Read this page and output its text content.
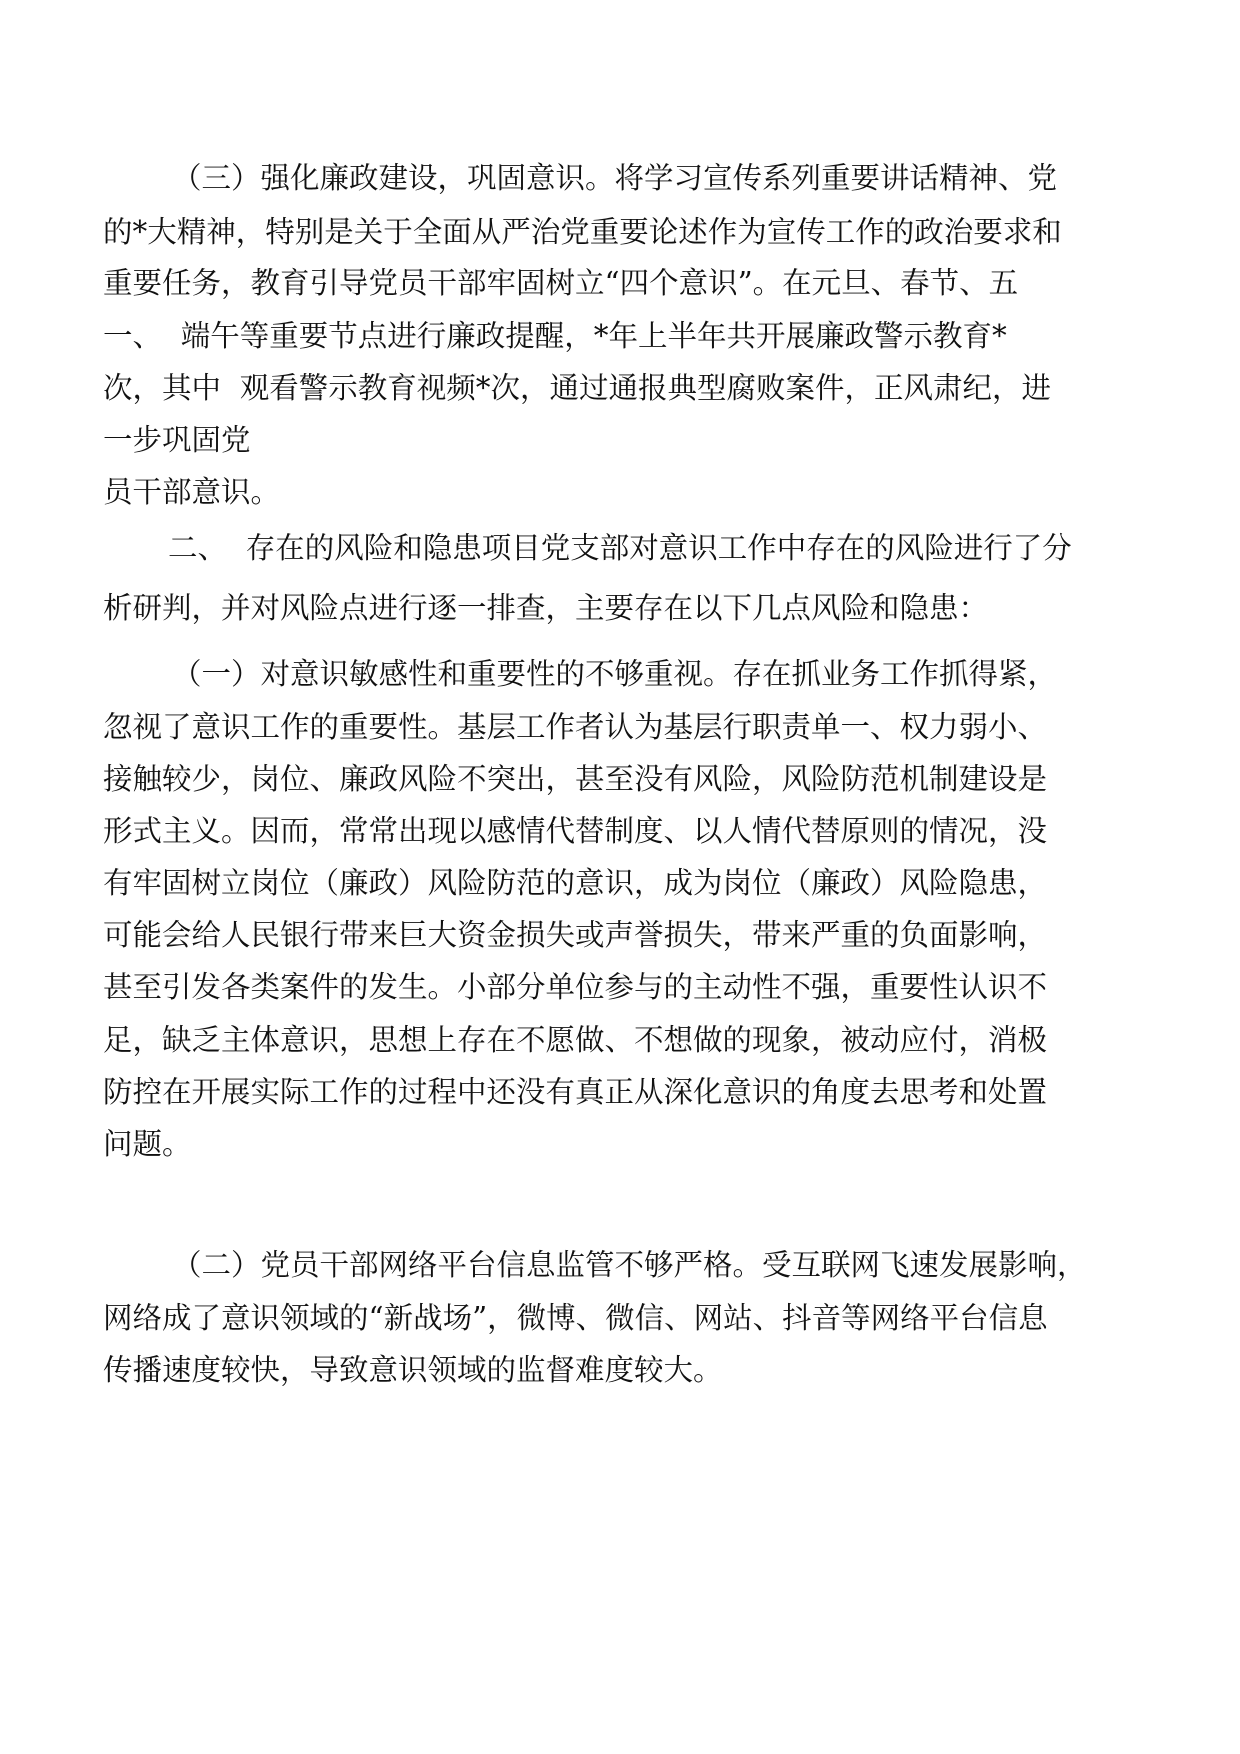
（三）强化廉政建设，巩固意识。将学习宣传系列重要讲话精神、党
的*大精神，特别是关于全面从严治党重要论述作为宣传工作的政治要求和
重要任务，教育引导党员干部牢固树立“四个意识”。在元旦、春节、五
一、  端午等重要节点进行廉政提醒，*年上半年共开展廉政警示教育*
次，其中  观看警示教育视频*次，通过通报典型腐败案件，正风肃纪，进
一步巩固党
员干部意识。
二、  存在的风险和隐患项目党支部对意识工作中存在的风险进行了分
析研判，并对风险点进行逐一排查，主要存在以下几点风险和隐患：
（一）对意识敏感性和重要性的不够重视。存在抓业务工作抓得紧，
忽视了意识工作的重要性。基层工作者认为基层行职责单一、权力弱小、
接触较少，岗位、廉政风险不突出，甚至没有风险，风险防范机制建设是
形式主义。因而，常常出现以感情代替制度、以人情代替原则的情况，没
有牢固树立岗位（廉政）风险防范的意识，成为岗位（廉政）风险隐患，
可能会给人民银行带来巨大资金损失或声誉损失，带来严重的负面影响，
甚至引发各类案件的发生。小部分单位参与的主动性不强，重要性认识不
足，缺乏主体意识，思想上存在不愿做、不想做的现象，被动应付，消极
防控在开展实际工作的过程中还没有真正从深化意识的角度去思考和处置
问题。
（二）党员干部网络平台信息监管不够严格。受互联网飞速发展影响，
网络成了意识领域的“新战场”，微博、微信、网站、抖音等网络平台信息
传播速度较快，导致意识领域的监督难度较大。
